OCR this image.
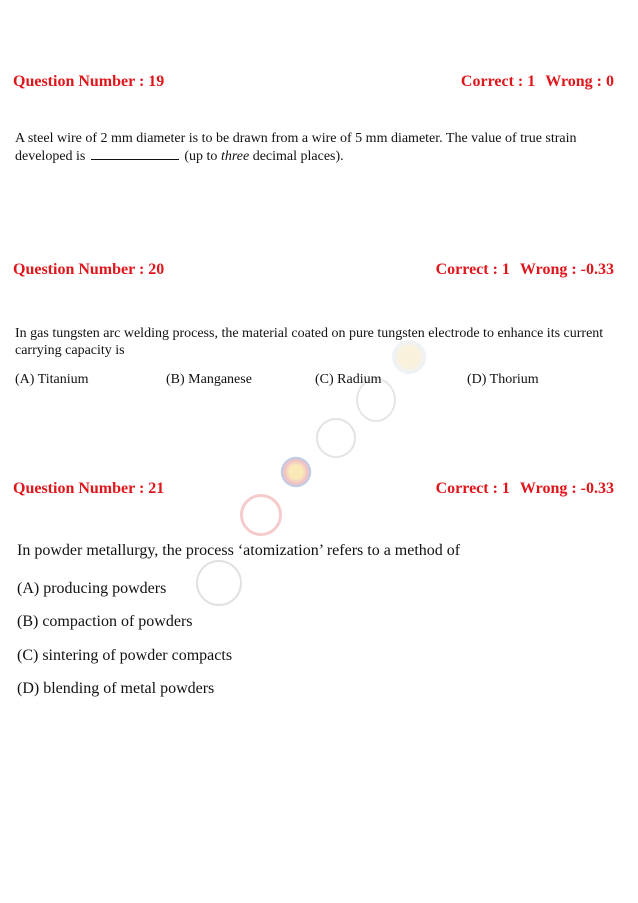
Question Number : 19	Correct : 1 Wrong : 0
A steel wire of 2 mm diameter is to be drawn from a wire of 5 mm diameter. The value of true strain developed is	(up to three decimal places).
Question Number : 20	Correct : 1 Wrong : -0.33
In gas tungsten arc welding process, the material coated on pure tungsten electrode to enhance its current carrying capacity is
(A) Titanium	(B) Manganese	(C) Radium	(D) Thorium
Question Number : 21	Correct : 1 Wrong : -0.33
In powder metallurgy, the process ‘atomization’ refers to a method of
(A) producing powders
(B) compaction of powders
(C) sintering of powder compacts
(D) blending of metal powders
